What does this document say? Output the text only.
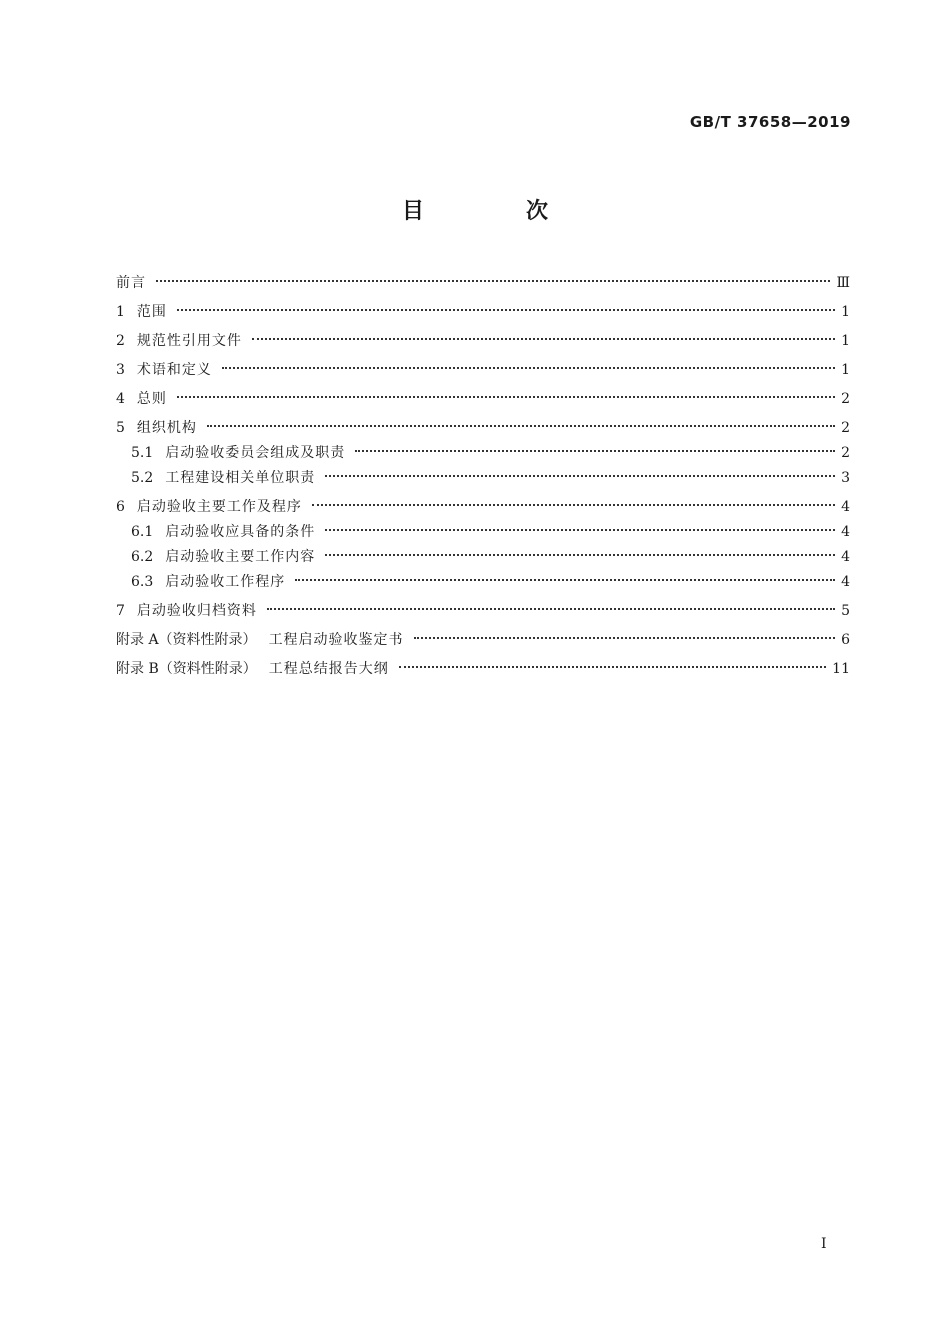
GB/T 37658—2019
目　次
前言	Ⅲ
1 范围	1
2 规范性引用文件	1
3 术语和定义	1
4 总则	2
5 组织机构	2
5.1 启动验收委员会组成及职责	2
5.2 工程建设相关单位职责	3
6 启动验收主要工作及程序	4
6.1 启动验收应具备的条件	4
6.2 启动验收主要工作内容	4
6.3 启动验收工作程序	4
7 启动验收归档资料	5
附录 A（资料性附录） 工程启动验收鉴定书	6
附录 B（资料性附录） 工程总结报告大纲	11
Ⅰ
